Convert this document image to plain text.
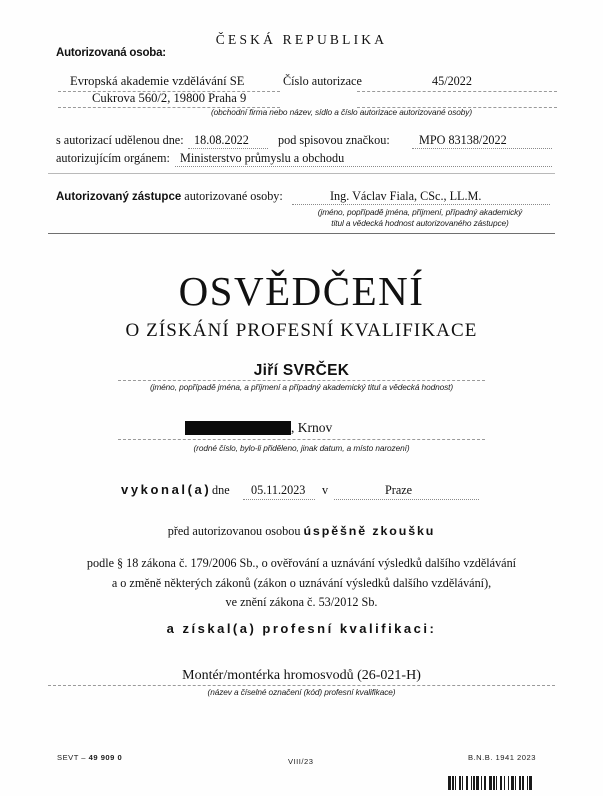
ČESKÁ REPUBLIKA
Autorizovaná osoba:
Evropská akademie vzdělávání SE	Číslo autorizace	45/2022
Cukrova 560/2, 19800 Praha 9
(obchodní firma nebo název, sídlo a číslo autorizace autorizované osoby)
s autorizací udělenou dne: 18.08.2022 pod spisovou značkou: MPO 83138/2022
autorizujícím orgánem: Ministerstvo průmyslu a obchodu
Autorizovaný zástupce autorizované osoby:	Ing. Václav Fiala, CSc., LL.M.
(jméno, popřípadě jména, příjmení, případný akademický
titul a vědecká hodnost autorizovaného zástupce)
OSVĚDČENÍ
O ZÍSKÁNÍ PROFESNÍ KVALIFIKACE
Jiří SVRČEK
(jméno, popřípadě jména, a příjmení a případný akademický titul a vědecká hodnost)
, Krnov
(rodné číslo, bylo-li přiděleno, jinak datum, a místo narození)
vykonal(a) dne 05.11.2023 v	Praze
před autorizovanou osobou úspěšně zkoušku
podle § 18 zákona č. 179/2006 Sb., o ověřování a uznávání výsledků dalšího vzdělávání
a o změně některých zákonů (zákon o uznávání výsledků dalšího vzdělávání),
ve znění zákona č. 53/2012 Sb.
a získal(a) profesní kvalifikaci:
Montér/montérka hromosvodů (26-021-H)
(název a číselné označení (kód) profesní kvalifikace)
SEVT – 49 909 0	VIII/23	B.N.B. 1941 2023
